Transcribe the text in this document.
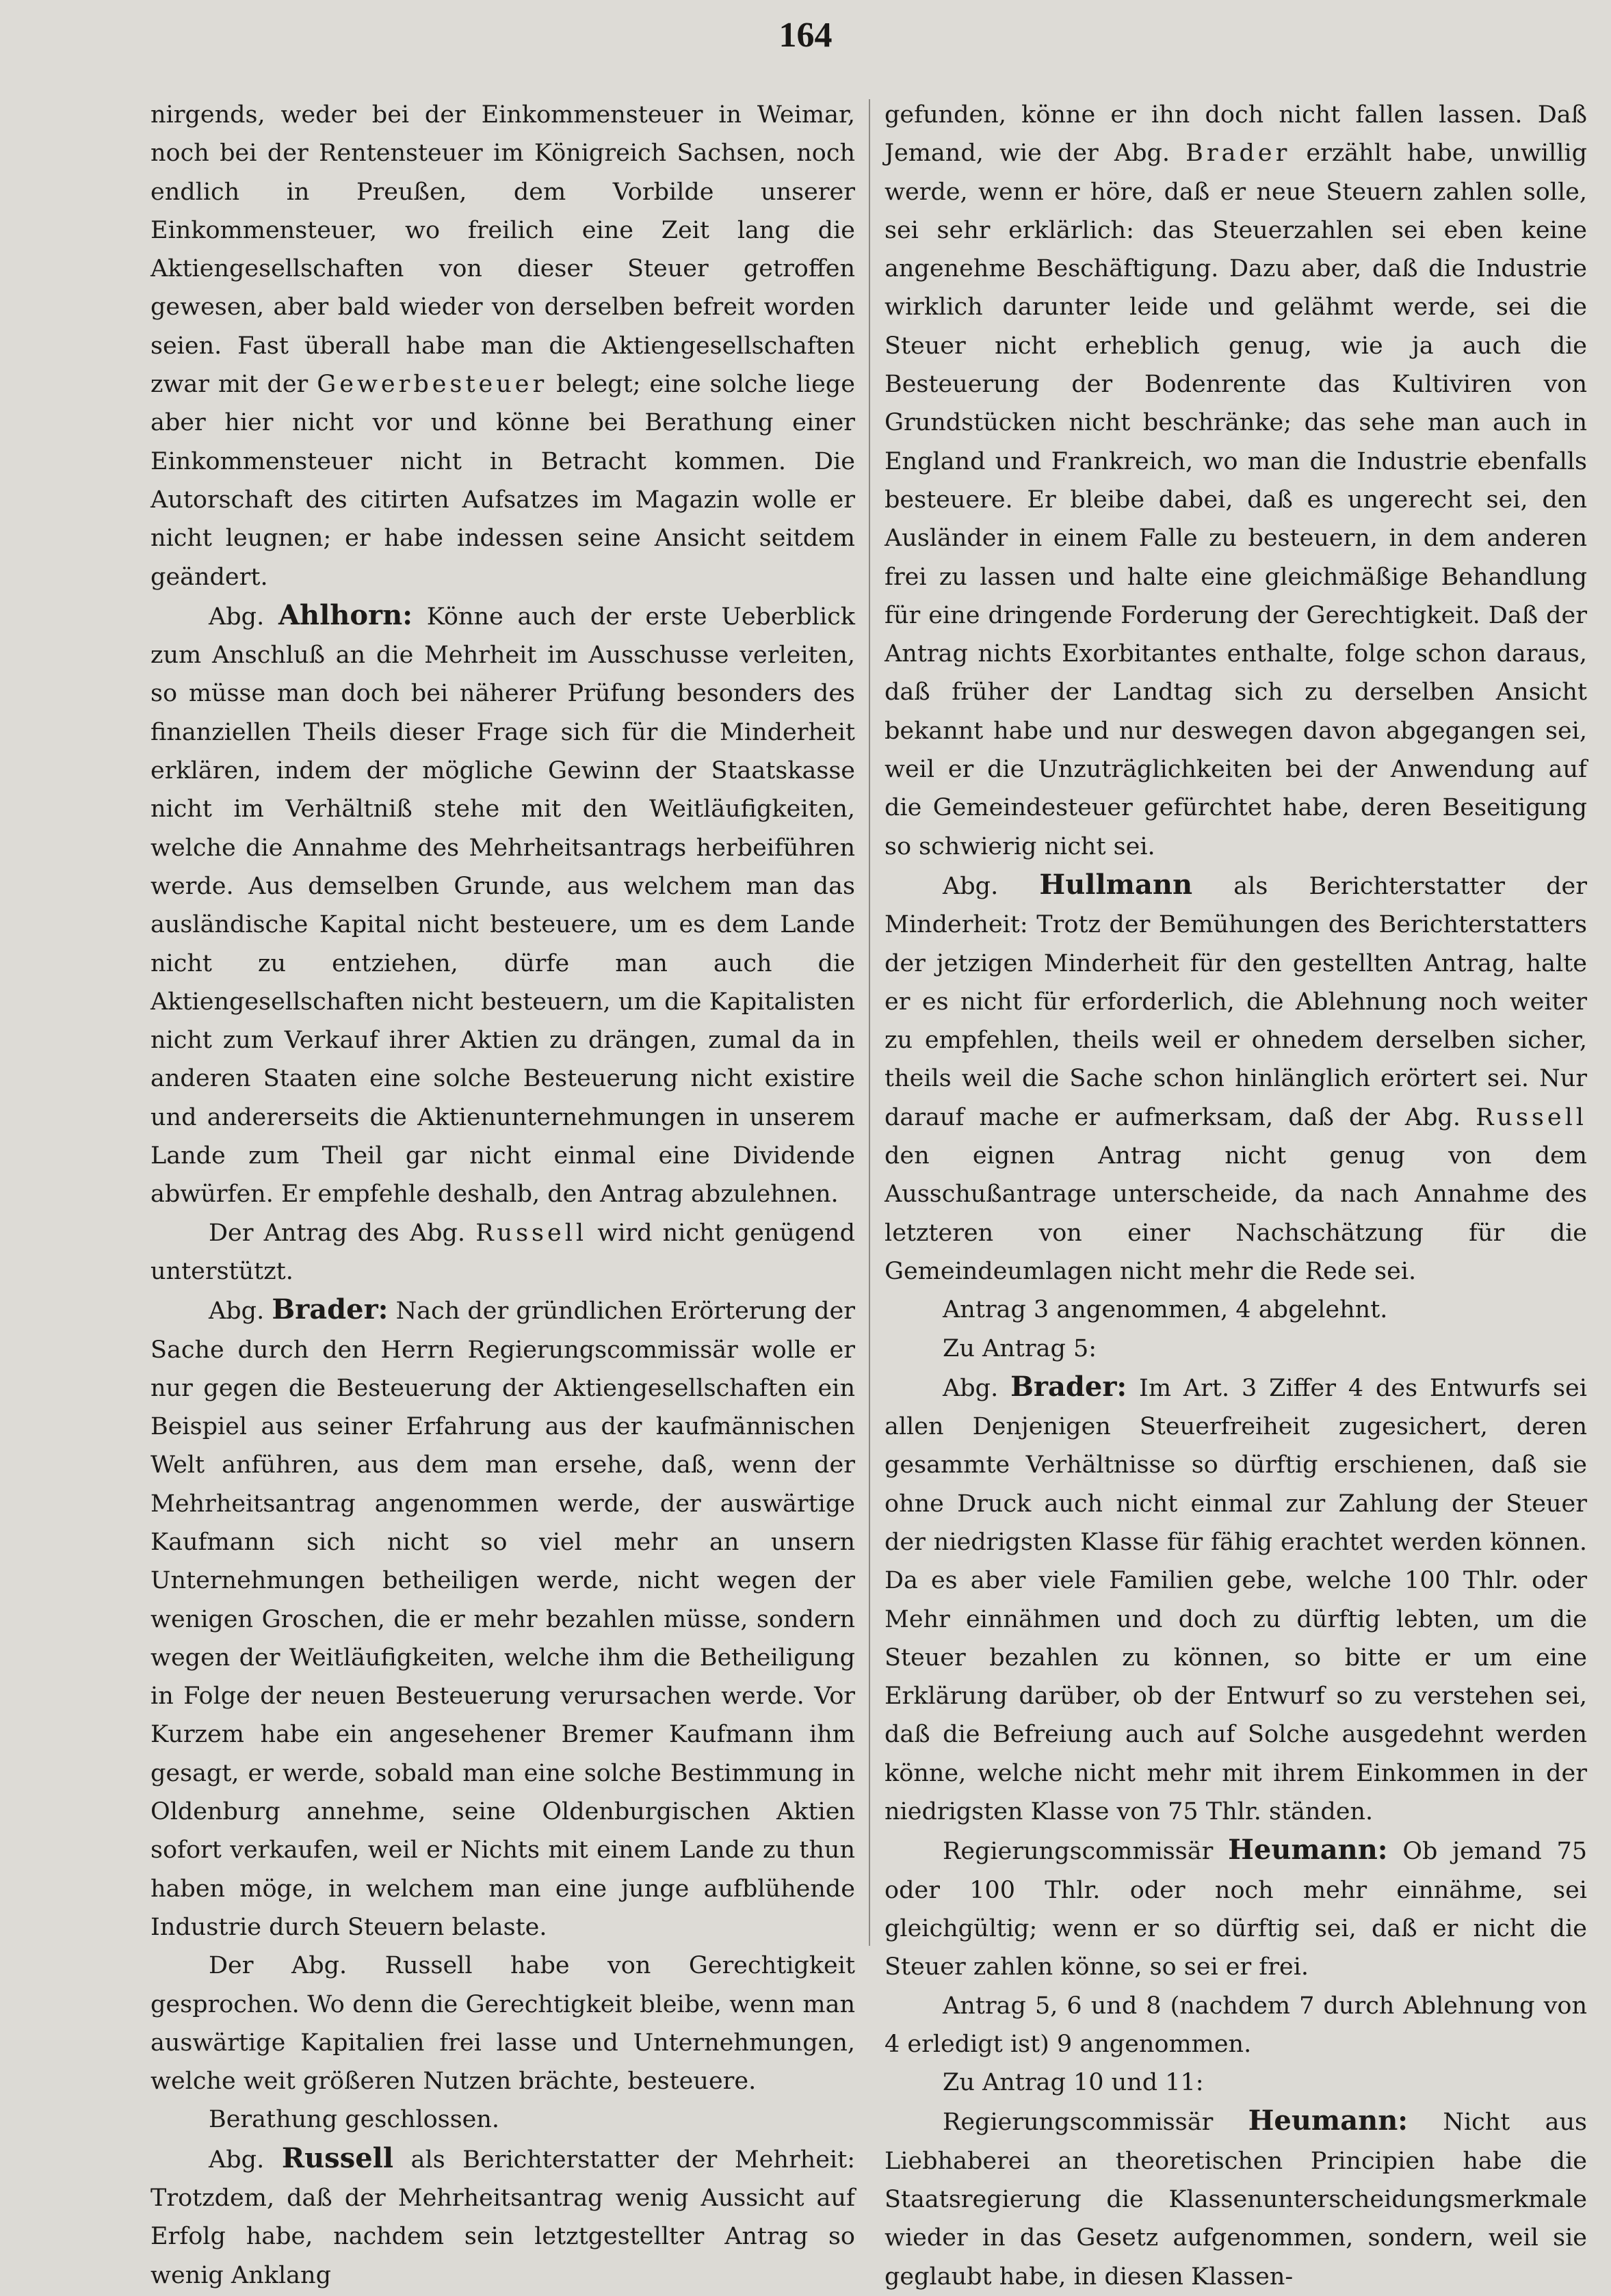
164

nirgends, weder bei der Einkommensteuer in Weimar, noch bei der Rentensteuer im Königreich Sachsen, noch endlich in Preußen, dem Vorbilde unserer Einkommensteuer, wo freilich eine Zeit lang die Aktiengesellschaften von dieser Steuer getroffen gewesen, aber bald wieder von derselben befreit worden seien. Fast überall habe man die Aktiengesellschaften zwar mit der Gewerbesteuer belegt; eine solche liege aber hier nicht vor und könne bei Berathung einer Einkommensteuer nicht in Betracht kommen. Die Autorschaft des citirten Aufsatzes im Magazin wolle er nicht leugnen; er habe indessen seine Ansicht seitdem geändert.

Abg. Ahlhorn: Könne auch der erste Ueberblick zum Anschluß an die Mehrheit im Ausschusse verleiten, so müsse man doch bei näherer Prüfung besonders des finanziellen Theils dieser Frage sich für die Minderheit erklären, indem der mögliche Gewinn der Staatskasse nicht im Verhältniß stehe mit den Weitläufigkeiten, welche die Annahme des Mehrheitsantrags herbeiführen werde. Aus demselben Grunde, aus welchem man das ausländische Kapital nicht besteuere, um es dem Lande nicht zu entziehen, dürfe man auch die Aktiengesellschaften nicht besteuern, um die Kapitalisten nicht zum Verkauf ihrer Aktien zu drängen, zumal da in anderen Staaten eine solche Besteuerung nicht existire und andererseits die Aktienunternehmungen in unserem Lande zum Theil gar nicht einmal eine Dividende abwürfen. Er empfehle deshalb, den Antrag abzulehnen.

Der Antrag des Abg. Russell wird nicht genügend unterstützt.

Abg. Brader: Nach der gründlichen Erörterung der Sache durch den Herrn Regierungscommissär wolle er nur gegen die Besteuerung der Aktiengesellschaften ein Beispiel aus seiner Erfahrung aus der kaufmännischen Welt anführen, aus dem man ersehe, daß, wenn der Mehrheitsantrag angenommen werde, der auswärtige Kaufmann sich nicht so viel mehr an unsern Unternehmungen betheiligen werde, nicht wegen der wenigen Groschen, die er mehr bezahlen müsse, sondern wegen der Weitläufigkeiten, welche ihm die Betheiligung in Folge der neuen Besteuerung verursachen werde. Vor Kurzem habe ein angesehener Bremer Kaufmann ihm gesagt, er werde, sobald man eine solche Bestimmung in Oldenburg annehme, seine Oldenburgischen Aktien sofort verkaufen, weil er Nichts mit einem Lande zu thun haben möge, in welchem man eine junge aufblühende Industrie durch Steuern belaste.

Der Abg. Russell habe von Gerechtigkeit gesprochen. Wo denn die Gerechtigkeit bleibe, wenn man auswärtige Kapitalien frei lasse und Unternehmungen, welche weit größeren Nutzen brächte, besteuere.

Berathung geschlossen.

Abg. Russell als Berichterstatter der Mehrheit: Trotzdem, daß der Mehrheitsantrag wenig Aussicht auf Erfolg habe, nachdem sein letztgestellter Antrag so wenig Anklang

gefunden, könne er ihn doch nicht fallen lassen. Daß Jemand, wie der Abg. Brader erzählt habe, unwillig werde, wenn er höre, daß er neue Steuern zahlen solle, sei sehr erklärlich: das Steuerzahlen sei eben keine angenehme Beschäftigung. Dazu aber, daß die Industrie wirklich darunter leide und gelähmt werde, sei die Steuer nicht erheblich genug, wie ja auch die Besteuerung der Bodenrente das Kultiviren von Grundstücken nicht beschränke; das sehe man auch in England und Frankreich, wo man die Industrie ebenfalls besteuere. Er bleibe dabei, daß es ungerecht sei, den Ausländer in einem Falle zu besteuern, in dem anderen frei zu lassen und halte eine gleichmäßige Behandlung für eine dringende Forderung der Gerechtigkeit. Daß der Antrag nichts Exorbitantes enthalte, folge schon daraus, daß früher der Landtag sich zu derselben Ansicht bekannt habe und nur deswegen davon abgegangen sei, weil er die Unzuträglichkeiten bei der Anwendung auf die Gemeindesteuer gefürchtet habe, deren Beseitigung so schwierig nicht sei.

Abg. Hullmann als Berichterstatter der Minderheit: Trotz der Bemühungen des Berichterstatters der jetzigen Minderheit für den gestellten Antrag, halte er es nicht für erforderlich, die Ablehnung noch weiter zu empfehlen, theils weil er ohnedem derselben sicher, theils weil die Sache schon hinlänglich erörtert sei. Nur darauf mache er aufmerksam, daß der Abg. Russell den eignen Antrag nicht genug von dem Ausschußantrage unterscheide, da nach Annahme des letzteren von einer Nachschätzung für die Gemeindeumlagen nicht mehr die Rede sei.

Antrag 3 angenommen, 4 abgelehnt.

Zu Antrag 5:

Abg. Brader: Im Art. 3 Ziffer 4 des Entwurfs sei allen Denjenigen Steuerfreiheit zugesichert, deren gesammte Verhältnisse so dürftig erschienen, daß sie ohne Druck auch nicht einmal zur Zahlung der Steuer der niedrigsten Klasse für fähig erachtet werden können. Da es aber viele Familien gebe, welche 100 Thlr. oder Mehr einnähmen und doch zu dürftig lebten, um die Steuer bezahlen zu können, so bitte er um eine Erklärung darüber, ob der Entwurf so zu verstehen sei, daß die Befreiung auch auf Solche ausgedehnt werden könne, welche nicht mehr mit ihrem Einkommen in der niedrigsten Klasse von 75 Thlr. ständen.

Regierungscommissär Heumann: Ob jemand 75 oder 100 Thlr. oder noch mehr einnähme, sei gleichgültig; wenn er so dürftig sei, daß er nicht die Steuer zahlen könne, so sei er frei.

Antrag 5, 6 und 8 (nachdem 7 durch Ablehnung von 4 erledigt ist) 9 angenommen.

Zu Antrag 10 und 11:

Regierungscommissär Heumann: Nicht aus Liebhaberei an theoretischen Principien habe die Staatsregierung die Klassenunterscheidungsmerkmale wieder in das Gesetz aufgenommen, sondern, weil sie geglaubt habe, in diesen Klassen-
